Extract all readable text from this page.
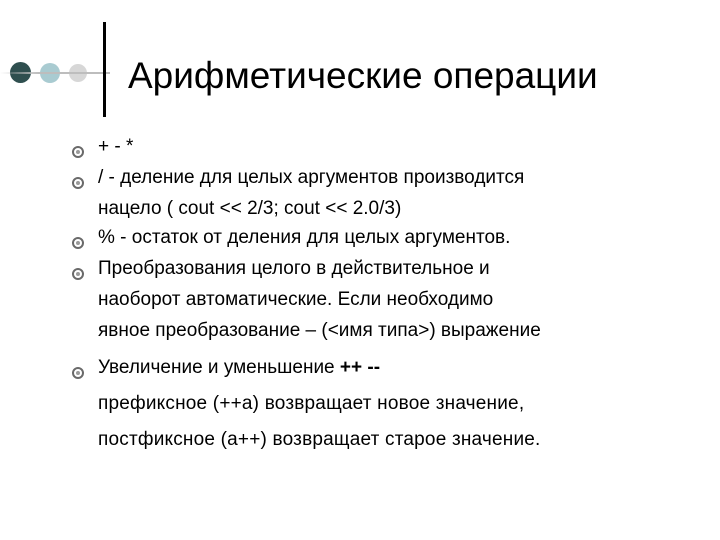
Арифметические операции
+ - *
/ - деление для целых аргументов производится
нацело ( cout << 2/3; cout << 2.0/3)
% - остаток от деления для целых аргументов.
Преобразования целого в действительное и
наоборот автоматические. Если необходимо
явное преобразование – (<имя типа>) выражение
Увеличение и уменьшение ++ --
префиксное (++a) возвращает новое значение,
постфиксное (a++) возвращает старое значение.
